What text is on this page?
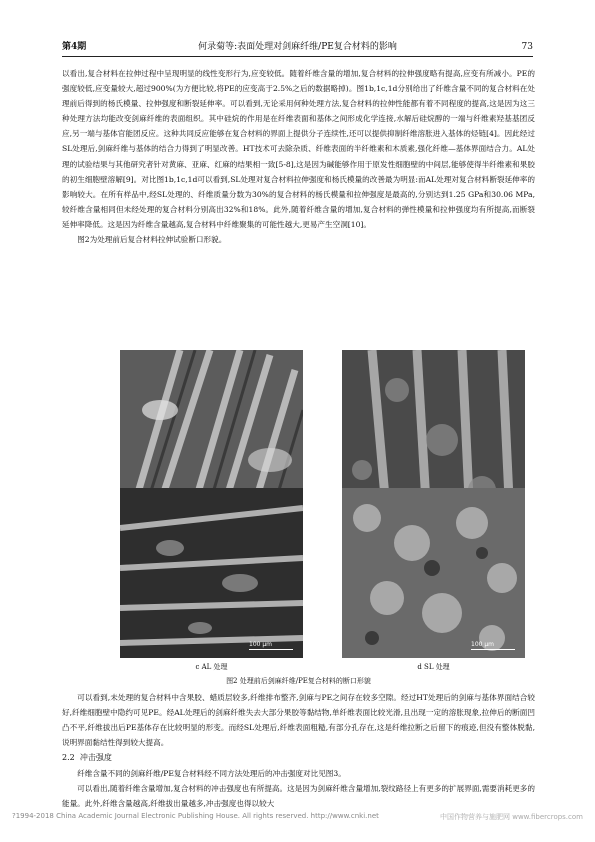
第4期	何录菊等:表面处理对剑麻纤维/PE复合材料的影响	73

以看出,复合材料在拉伸过程中呈现明显的线性变形行为,应变较低。随着纤维含量的增加,复合材料的拉伸强度略有提高,应变有所减小。PE的强度较低,应变量较大,超过900%(为方便比较,将PE的应变高于2.5%之后的数据略掉)。图1b,1c,1d分别给出了纤维含量不同的复合材料在处理前后得到的杨氏模量、拉伸强度和断裂延伸率。可以看到,无论采用何种处理方法,复合材料的拉伸性能都有着不同程度的提高,这是因为这三种处理方法均能改变剑麻纤维的表面组织。其中硅烷的作用是在纤维表面和基体之间形成化学连接,水解后硅烷醇的一端与纤维素羟基基团反应,另一端与基体官能团反应。这种共同反应能够在复合材料的界面上提供分子连续性,还可以提供抑制纤维溶胀进入基体的烃链[4]。因此经过SL处理后,剑麻纤维与基体的结合力得到了明显改善。HT技术可去除杂质、纤维表面的半纤维素和木质素,强化纤维—基体界面结合力。AL处理的试验结果与其他研究者针对黄麻、亚麻、红麻的结果相一致[5-8],这是因为碱能够作用于原发性细胞壁的中间层,能够使得半纤维素和果胶的初生细胞壁溶解[9]。对比图1b,1c,1d可以看到,SL处理对复合材料拉伸强度和杨氏模量的改善最为明显:而AL处理对复合材料断裂延伸率的影响较大。在所有样品中,经SL处理的、纤维质量分数为30%的复合材料的杨氏模量和拉伸强度是最高的,分别达到1.25 GPa和30.06 MPa,较纤维含量相同但未经处理的复合材料分别高出32%和18%。此外,随着纤维含量的增加,复合材料的弹性模量和拉伸强度均有所提高,而断裂延伸率降低。这是因为纤维含量越高,复合材料中纤维聚集的可能性越大,更易产生空洞[10]。

图2为处理前后复合材料拉伸试验断口形貌。

100 μm	100 μm
c AL 处理	d SL 处理
图2 处理前后剑麻纤维/PE复合材料的断口形貌

可以看到,未处理的复合材料中含果胶、蜡质层较多,纤维排布整齐,剑麻与PE之间存在较多空隙。经过HT处理后的剑麻与基体界面结合较好,纤维细胞壁中隐约可见PE。经AL处理后的剑麻纤维失去大部分果胶等黏结物,单纤维表面比较光滑,且出现一定的溶胀现象,拉伸后的断面凹凸不平,纤维拔出后PE基体存在比较明显的形变。而经SL处理后,纤维表面粗糙,有部分孔存在,这是纤维拉断之后留下的痕迹,但没有整体脱黏,说明界面黏结性得到较大提高。

2.2 冲击强度

纤维含量不同的剑麻纤维/PE复合材料经不同方法处理后的冲击强度对比见图3。

可以看出,随着纤维含量增加,复合材料的冲击强度也有所提高。这是因为剑麻纤维含量增加,裂纹路径上有更多的扩展界面,需要消耗更多的能量。此外,纤维含量越高,纤维拔出量越多,冲击强度也得以较大

?1994-2018 China Academic Journal Electronic Publishing House. All rights reserved. http://www.cnki.net	中国作物营养与施肥网 www.fibercrops.com
